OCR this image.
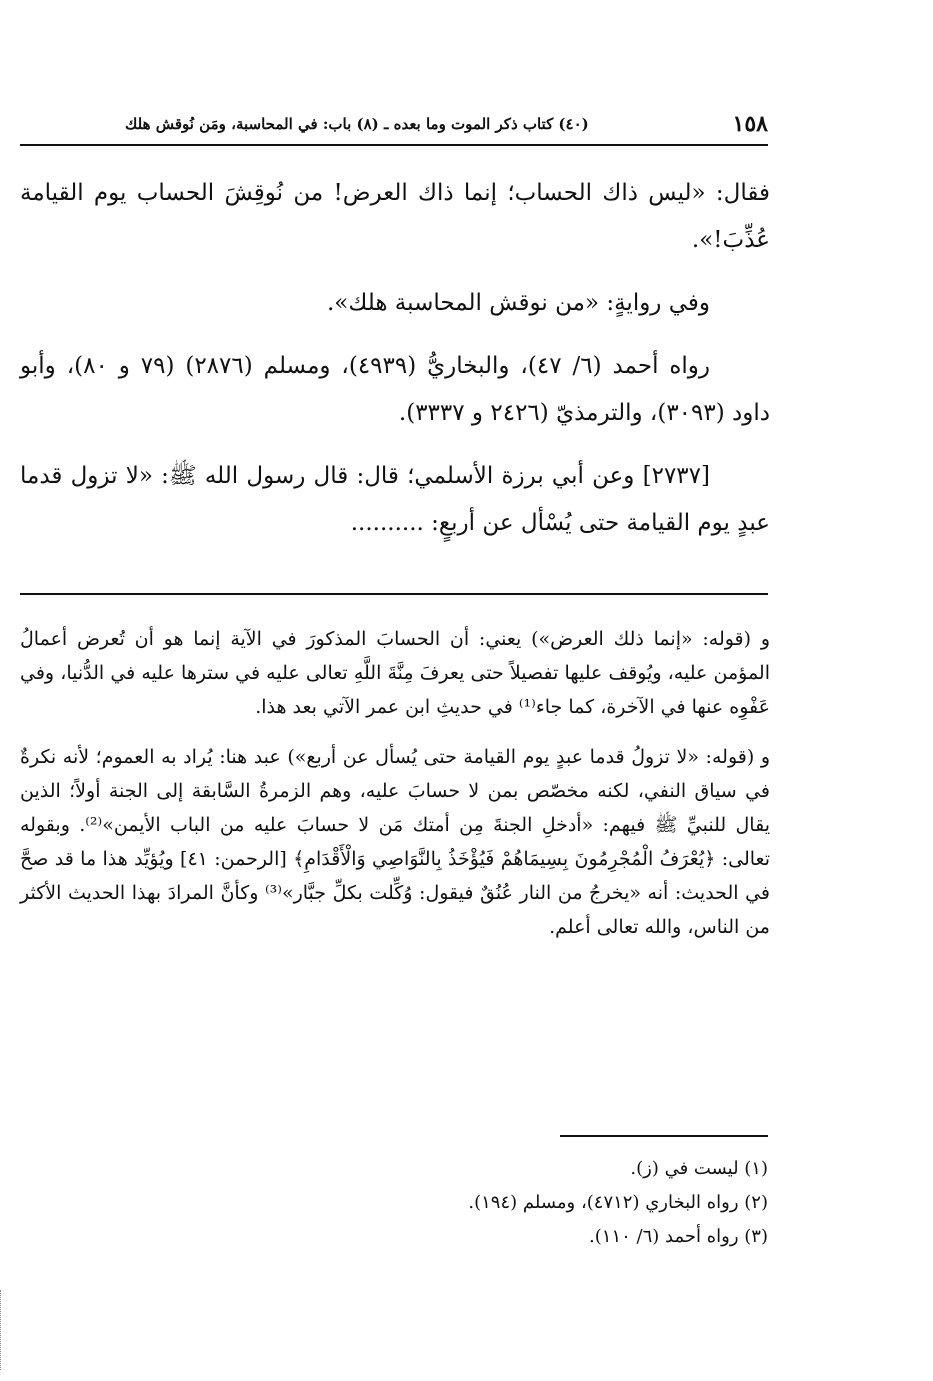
١٥٨
(٤٠) كتاب ذكر الموت وما بعده ـ (٨) باب: في المحاسبة، ومَن نُوقش هلك

فقال: «ليس ذاك الحساب؛ إنما ذاك العرض! من نُوقِشَ الحساب يوم القيامة عُذِّبَ!».

وفي روايةٍ: «من نوقش المحاسبة هلك».

رواه أحمد (٦/ ٤٧)، والبخاريُّ (٤٩٣٩)، ومسلم (٢٨٧٦) (٧٩ و ٨٠)، وأبو داود (٣٠٩٣)، والترمذيّ (٢٤٢٦ و ٣٣٣٧).

[٢٧٣٧] وعن أبي برزة الأسلمي؛ قال: قال رسول الله ﷺ: «لا تزول قدما عبدٍ يوم القيامة حتى يُسْأل عن أربعٍ: ..........

و (قوله: «إنما ذلك العرض») يعني: أن الحسابَ المذكورَ في الآية إنما هو أن تُعرض أعمالُ المؤمن عليه، ويُوقف عليها تفصيلاً حتى يعرفَ مِنَّةَ اللَّهِ تعالى عليه في سترها عليه في الدُّنيا، وفي عَفْوِه عنها في الآخرة، كما جاء⁽¹⁾ في حديثِ ابن عمر الآتي بعد هذا.

و (قوله: «لا تزولُ قدما عبدٍ يوم القيامة حتى يُسأل عن أربع») عبد هنا: يُراد به العموم؛ لأنه نكرةٌ في سياق النفي، لكنه مخصّص بمن لا حسابَ عليه، وهم الزمرةُ السَّابقة إلى الجنة أولاً؛ الذين يقال للنبيِّ ﷺ فيهم: «أدخلِ الجنةَ مِن أمتك مَن لا حسابَ عليه من الباب الأيمن»⁽²⁾. وبقوله تعالى: ﴿يُعْرَفُ الْمُجْرِمُونَ بِسِيمَاهُمْ فَيُؤْخَذُ بِالنَّوَاصِي وَالْأَقْدَامِ﴾ [الرحمن: ٤١] ويُؤيِّد هذا ما قد صحَّ في الحديث: أنه «يخرجُ من النار عُنُقٌ فيقول: وُكِّلت بكلِّ جبَّار»⁽³⁾ وكأنَّ المرادَ بهذا الحديث الأكثر من الناس، والله تعالى أعلم.

(١) ليست في (ز).

(٢) رواه البخاري (٤٧١٢)، ومسلم (١٩٤).

(٣) رواه أحمد (٦/ ١١٠).
